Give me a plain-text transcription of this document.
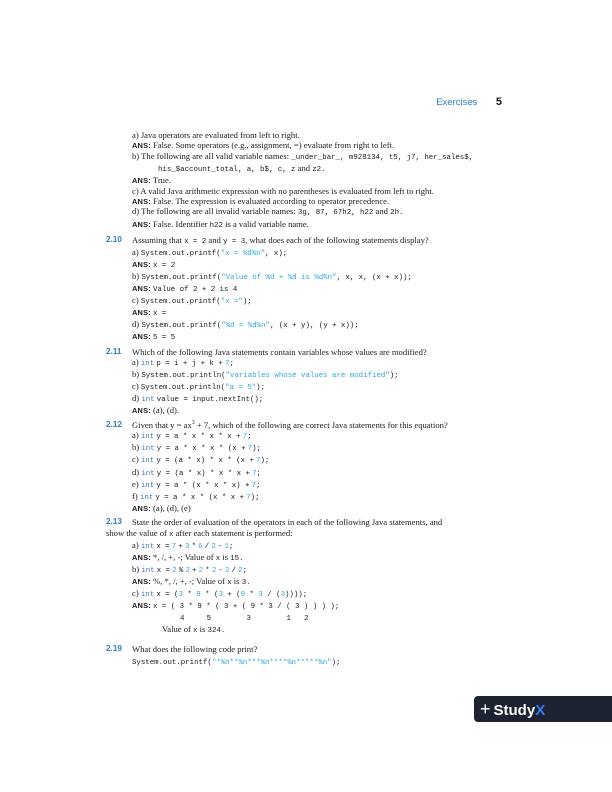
Exercises 5

a) Java operators are evaluated from left to right.

ANS: False. Some operators (e.g., assignment, =) evaluate from right to left.

b) The following are all valid variable names: _under_bar_, m928134, t5, j7, her_sales$,

his_$account_total, a, b$, c, z and z2.

ANS: True.

c) A valid Java arithmetic expression with no parentheses is evaluated from left to right.

ANS: False. The expression is evaluated according to operator precedence.

d) The following are all invalid variable names: 3g, 87, 67h2, h22 and 2h.

ANS: False. Identifier h22 is a valid variable name.

2.10 Assuming that x = 2 and y = 3, what does each of the following statements display?

a) System.out.printf("x = %d%n", x);

ANS: x = 2

b) System.out.printf("Value of %d + %d is %d%n", x, x, (x + x));

ANS: Value of 2 + 2 is 4

c) System.out.printf("x =");

ANS: x =

d) System.out.printf("%d = %d%n", (x + y), (y + x));

ANS: 5 = 5

2.11 Which of the following Java statements contain variables whose values are modified?

a) int p = i + j + k + 7;

b) System.out.println("variables whose values are modified");

c) System.out.println("a = 5");

d) int value = input.nextInt();

ANS: (a), (d).

2.12 Given that $y = ax^3 + 7$, which of the following are correct Java statements for this equation?

a) int y = a * x * x * x + 7;

b) int y = a * x * x * (x + 7);

c) int y = (a * x) * x * (x + 7);

d) int y = (a * x) * x * x + 7;

e) int y = a * (x * x * x) + 7;

f) int y = a * x * (x * x + 7);

ANS: (a), (d), (e)

2.13 State the order of evaluation of the operators in each of the following Java statements, and

show the value of x after each statement is performed:

a) int x = 7 + 3 * 6 / 2 - 1;

ANS: *, /, +, -; Value of x is 15.

b) int x = 2 % 2 + 2 * 2 - 2 / 2;

ANS: %, *, /, +, -; Value of x is 3.

c) int x = (3 * 9 * (3 + (9 * 3 / (3))));

ANS: x = ( 3 * 9 * ( 3 + ( 9 * 3 / ( 3 ) ) ) );

4     5        3        1   2

Value of x is 324.

2.19 What does the following code print?

System.out.printf("*%n**%n***%n****%n*****%n");

+ StudyX
